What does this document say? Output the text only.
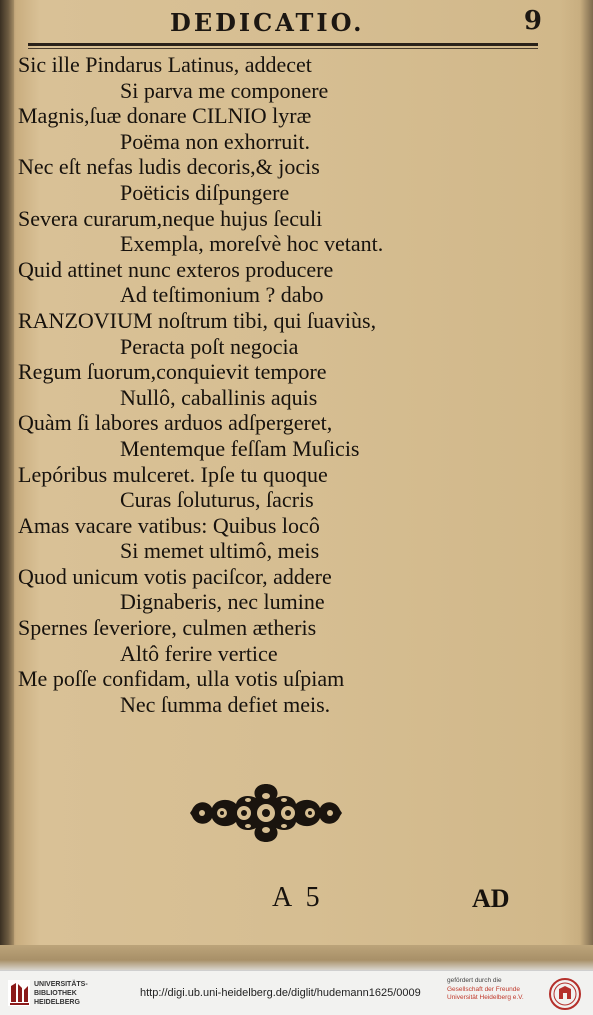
DEDICATIO.	9
Sic ille Pindarus Latinus, addecet
Si parva me componere
Magnis,ſuæ donare CILNIO lyræ
Poëma non exhorruit.
Nec eſt nefas ludis decoris,& jocis
Poëticis diſpungere
Severa curarum,neque hujus ſeculi
Exempla, moreſvè hoc vetant.
Quid attinet nunc exteros producere
Ad teſtimonium ? dabo
RANZOVIUM noſtrum tibi, qui ſuaviùs,
Peracta poſt negocia
Regum ſuorum,conquievit tempore
Nullô, caballinis aquis
Quàm ſi labores arduos adſpergeret,
Mentemque feſſam Muſicis
Lepóribus mulceret. Ipſe tu quoque
Curas ſoluturus, ſacris
Amas vacare vatibus: Quibus locô
Si memet ultimô, meis
Quod unicum votis paciſcor, addere
Dignaberis, nec lumine
Spernes ſeveriore, culmen ætheris
Altô ferire vertice
Me poſſe confidam, ulla votis uſpiam
Nec ſumma defiet meis.
A 5	AD
UNIVERSITÄTS-
BIBLIOTHEK
HEIDELBERG
http://digi.ub.uni-heidelberg.de/diglit/hudemann1625/0009
gefördert durch die
Gesellschaft der Freunde
Universität Heidelberg e.V.
